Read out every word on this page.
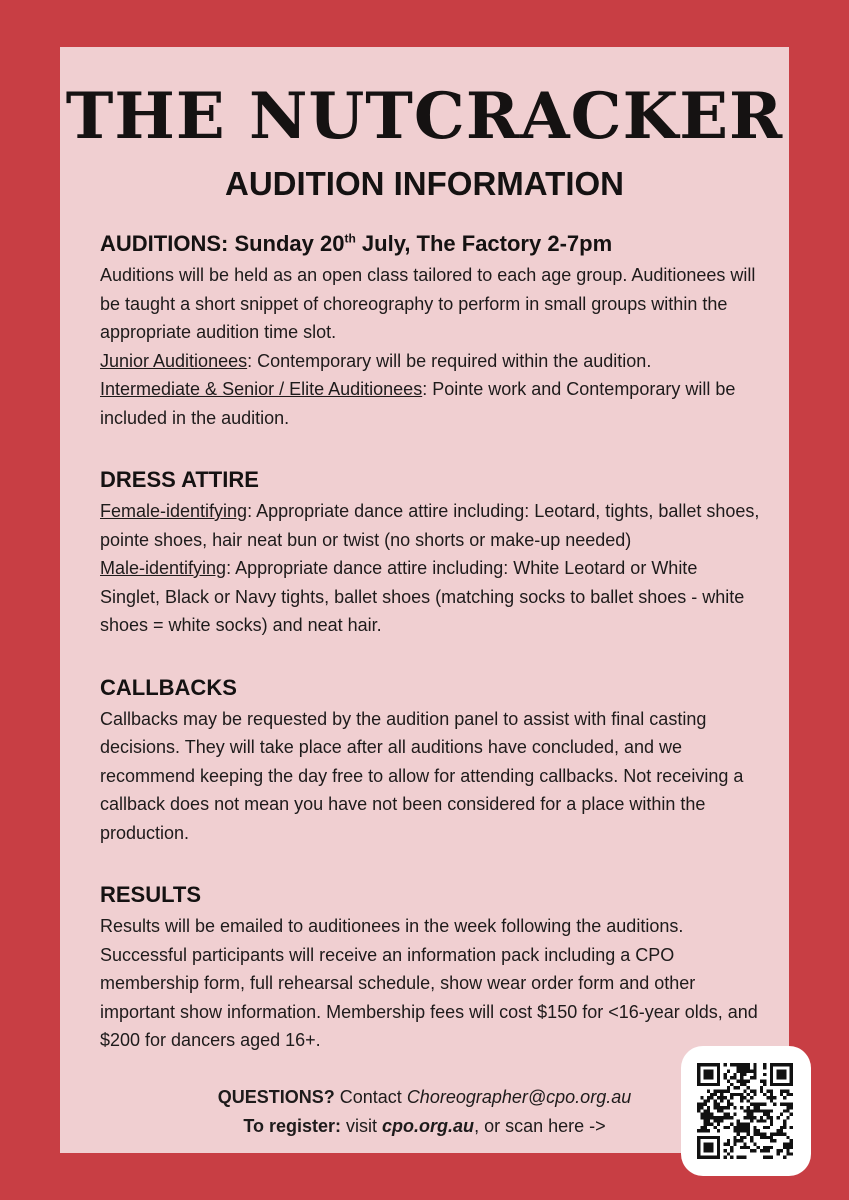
THE NUTCRACKER
AUDITION INFORMATION
AUDITIONS: Sunday 20th July, The Factory 2-7pm

Auditions will be held as an open class tailored to each age group. Auditionees will be taught a short snippet of choreography to perform in small groups within the appropriate audition time slot.

Junior Auditionees: Contemporary will be required within the audition.

Intermediate & Senior / Elite Auditionees: Pointe work and Contemporary will be included in the audition.

DRESS ATTIRE

Female-identifying: Appropriate dance attire including: Leotard, tights, ballet shoes, pointe shoes, hair neat bun or twist (no shorts or make-up needed)

Male-identifying: Appropriate dance attire including: White Leotard or White Singlet, Black or Navy tights, ballet shoes (matching socks to ballet shoes - white shoes = white socks) and neat hair.

CALLBACKS

Callbacks may be requested by the audition panel to assist with final casting decisions. They will take place after all auditions have concluded, and we recommend keeping the day free to allow for attending callbacks. Not receiving a callback does not mean you have not been considered for a place within the production.

RESULTS

Results will be emailed to auditionees in the week following the auditions. Successful participants will receive an information pack including a CPO membership form, full rehearsal schedule, show wear order form and other important show information. Membership fees will cost $150 for <16-year olds, and $200 for dancers aged 16+.

QUESTIONS? Contact Choreographer@cpo.org.au
To register: visit cpo.org.au, or scan here ->
